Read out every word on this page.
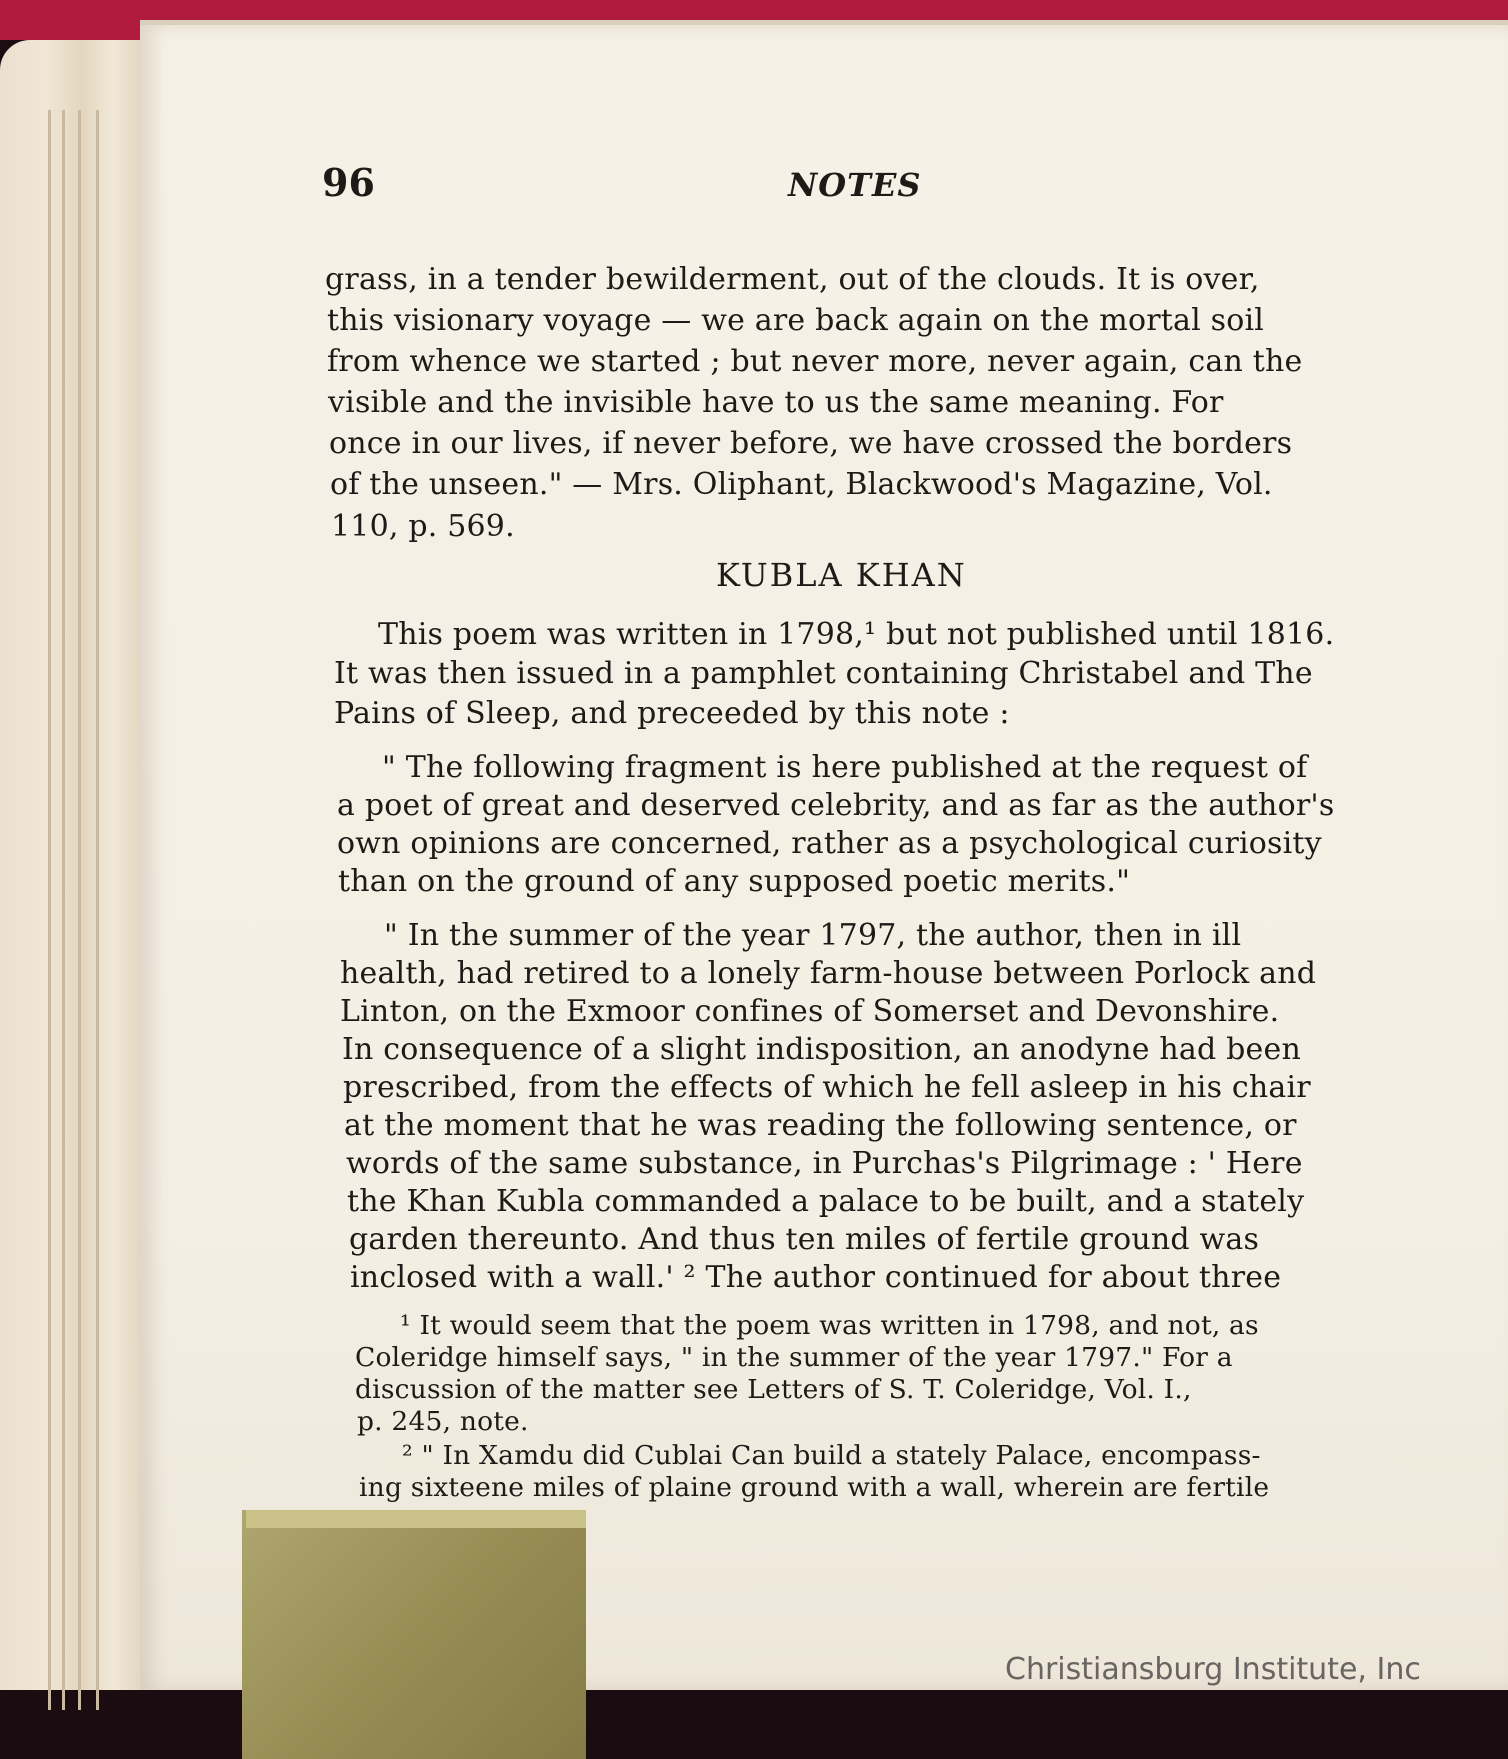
96	NOTES
grass, in a tender bewilderment, out of the clouds. It is over,
this visionary voyage — we are back again on the mortal soil
from whence we started ; but never more, never again, can the
visible and the invisible have to us the same meaning. For
once in our lives, if never before, we have crossed the borders
of the unseen." — Mrs. Oliphant, Blackwood's Magazine, Vol.
110, p. 569.
KUBLA KHAN
This poem was written in 1798,¹ but not published until 1816.
It was then issued in a pamphlet containing Christabel and The
Pains of Sleep, and preceeded by this note :
" The following fragment is here published at the request of
a poet of great and deserved celebrity, and as far as the author's
own opinions are concerned, rather as a psychological curiosity
than on the ground of any supposed poetic merits."
" In the summer of the year 1797, the author, then in ill
health, had retired to a lonely farm-house between Porlock and
Linton, on the Exmoor confines of Somerset and Devonshire.
In consequence of a slight indisposition, an anodyne had been
prescribed, from the effects of which he fell asleep in his chair
at the moment that he was reading the following sentence, or
words of the same substance, in Purchas's Pilgrimage : ' Here
the Khan Kubla commanded a palace to be built, and a stately
garden thereunto. And thus ten miles of fertile ground was
inclosed with a wall.' ² The author continued for about three
¹ It would seem that the poem was written in 1798, and not, as
Coleridge himself says, " in the summer of the year 1797." For a
discussion of the matter see Letters of S. T. Coleridge, Vol. I.,
p. 245, note.
² " In Xamdu did Cublai Can build a stately Palace, encompass-
ing sixteene miles of plaine ground with a wall, wherein are fertile
Christiansburg Institute, Inc
